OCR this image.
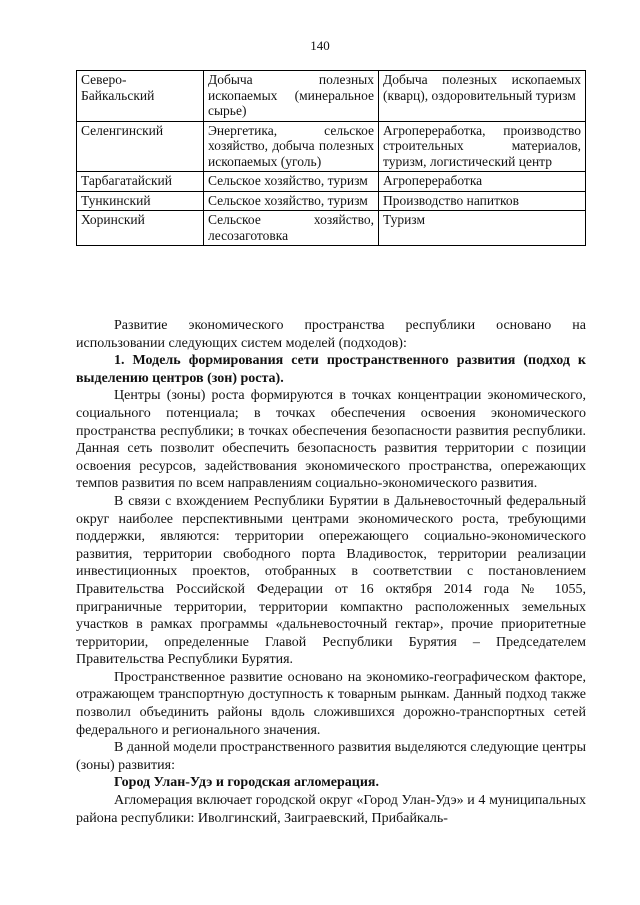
140
Северо-Байкальский	Добыча полезных ископаемых (минеральное сырье)	Добыча полезных ископаемых (кварц), оздоровительный туризм
Селенгинский	Энергетика, сельское хозяйство, добыча полезных ископаемых (уголь)	Агропереработка, производство строительных материалов, туризм, логистический центр
Тарбагатайский	Сельское хозяйство, туризм	Агропереработка
Тункинский	Сельское хозяйство, туризм	Производство напитков
Хоринский	Сельское хозяйство, лесозаготовка	Туризм

Развитие экономического пространства республики основано на использовании следующих систем моделей (подходов):

1. Модель формирования сети пространственного развития (подход к выделению центров (зон) роста).

Центры (зоны) роста формируются в точках концентрации экономического, социального потенциала; в точках обеспечения освоения экономического пространства республики; в точках обеспечения безопасности развития республики. Данная сеть позволит обеспечить безопасность развития территории с позиции освоения ресурсов, задействования экономического пространства, опережающих темпов развития по всем направлениям социально-экономического развития.

В связи с вхождением Республики Бурятии в Дальневосточный федеральный округ наиболее перспективными центрами экономического роста, требующими поддержки, являются: территории опережающего социально-экономического развития, территории свободного порта Владивосток, территории реализации инвестиционных проектов, отобранных в соответствии с постановлением Правительства Российской Федерации от 16 октября 2014 года № 1055, приграничные территории, территории компактно расположенных земельных участков в рамках программы «дальневосточный гектар», прочие приоритетные территории, определенные Главой Республики Бурятия – Председателем Правительства Республики Бурятия.

Пространственное развитие основано на экономико-географическом факторе, отражающем транспортную доступность к товарным рынкам. Данный подход также позволил объединить районы вдоль сложившихся дорожно-транспортных сетей федерального и регионального значения.

В данной модели пространственного развития выделяются следующие центры (зоны) развития:

Город Улан-Удэ и городская агломерация.

Агломерация включает городской округ «Город Улан-Удэ» и 4 муниципальных района республики: Иволгинский, Заиграевский, Прибайкаль-
